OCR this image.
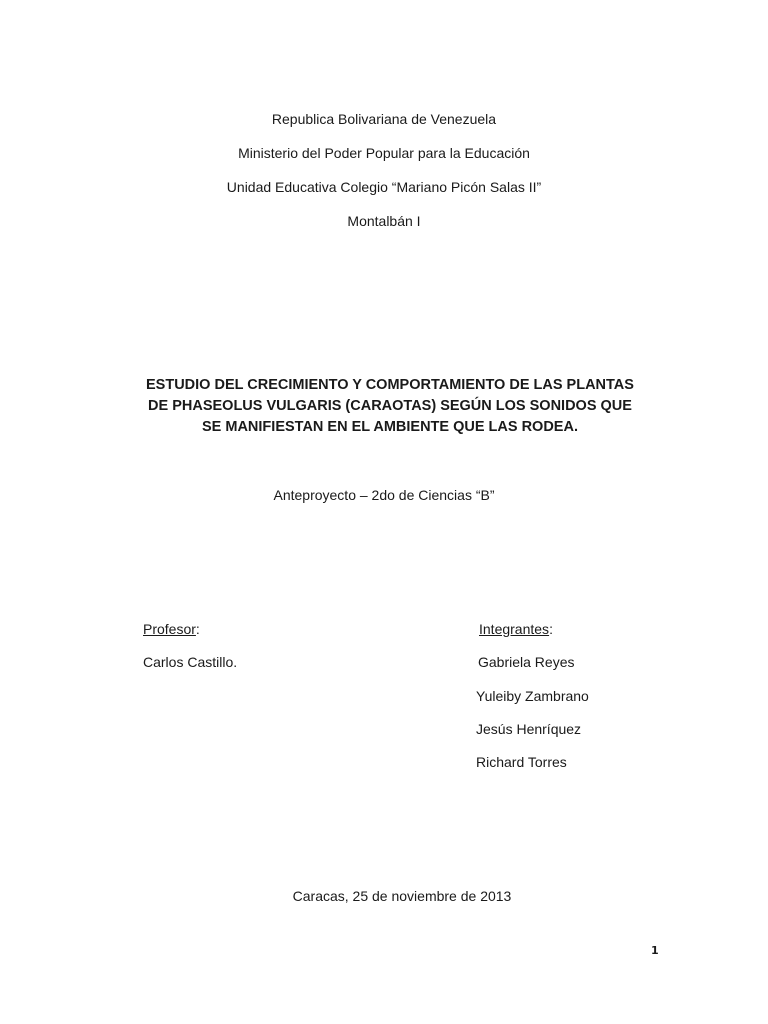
Republica Bolivariana de Venezuela
Ministerio del Poder Popular para la Educación
Unidad Educativa Colegio “Mariano Picón Salas II”
Montalbán I
ESTUDIO DEL CRECIMIENTO Y COMPORTAMIENTO DE LAS PLANTAS
DE PHASEOLUS VULGARIS (CARAOTAS) SEGÚN LOS SONIDOS QUE
SE MANIFIESTAN EN EL AMBIENTE QUE LAS RODEA.
Anteproyecto – 2do de Ciencias “B”
Profesor:
Carlos Castillo.
Integrantes:
Gabriela Reyes
Yuleiby Zambrano
Jesús Henríquez
Richard Torres
Caracas, 25 de noviembre de 2013
1
